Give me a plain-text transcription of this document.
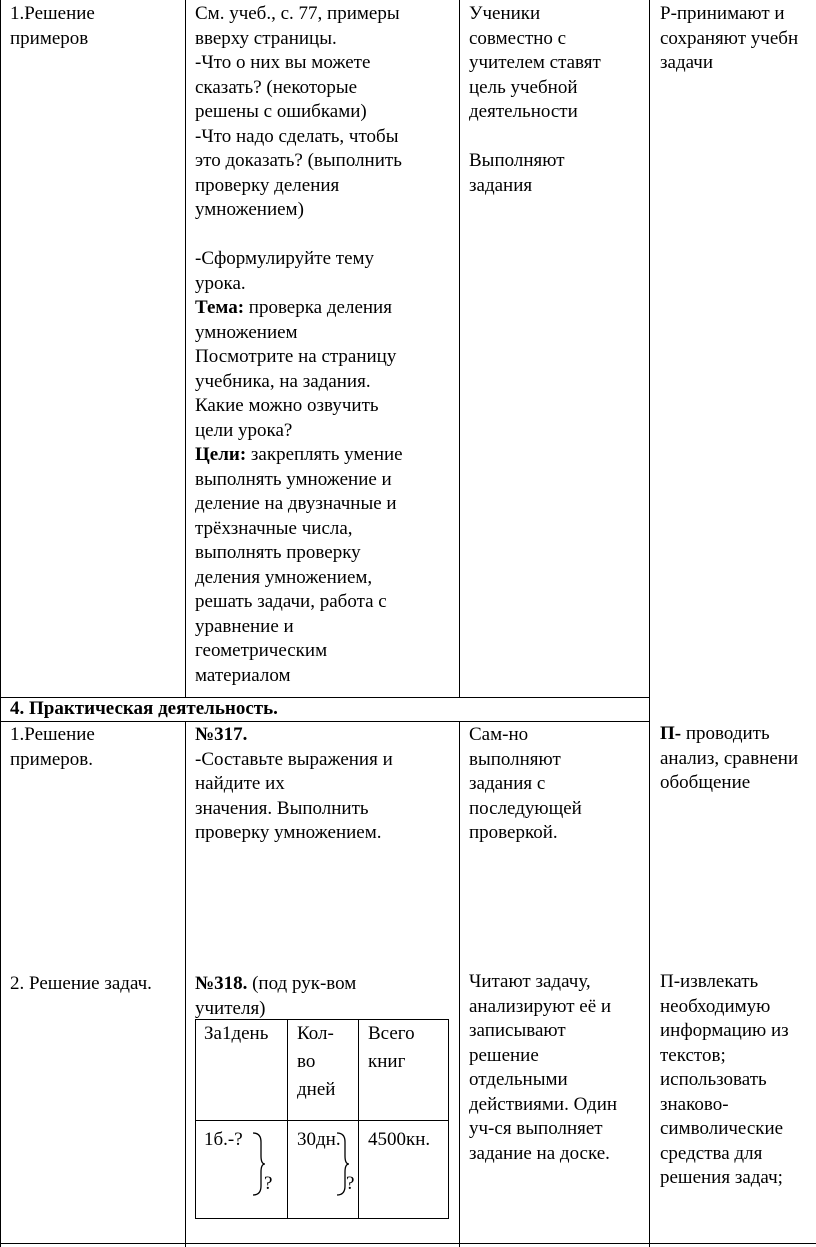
1.Решение
примеров
См. учеб., с. 77, примеры
вверху страницы.
-Что о них вы можете
сказать? (некоторые
решены с ошибками)
-Что надо сделать, чтобы
это доказать? (выполнить
проверку деления
умножением)
-Сформулируйте тему
урока.
Тема: проверка деления
умножением
Посмотрите на страницу
учебника, на задания.
Какие можно озвучить
цели урока?
Цели: закреплять умение
выполнять умножение и
деление на двузначные и
трёхзначные числа,
выполнять проверку
деления умножением,
решать задачи, работа с
уравнение и
геометрическим
материалом
Ученики
совместно с
учителем ставят
цель учебной
деятельности
Выполняют
задания
Р-принимают и
сохраняют учебн
задачи
4. Практическая деятельность.
1.Решение
примеров.
№317.
-Составьте выражения и
найдите их
значения. Выполнить
проверку умножением.
Сам-но
выполняют
задания с
последующей
проверкой.
П- проводить
анализ, сравнени
обобщение
2. Решение задач. №318. (под рук-вом
учителя)
Читают задачу,
анализируют её и
записывают
решение
отдельными
действиями. Один
уч-ся выполняет
задание на доске.
П-извлекать
необходимую
информацию из
текстов;
использовать
знаково-
символические
средства для
решения задач;
За1день Кол-
во
дней
Всего
книг
1б.-?	30дн. 4500кн.
?	?
